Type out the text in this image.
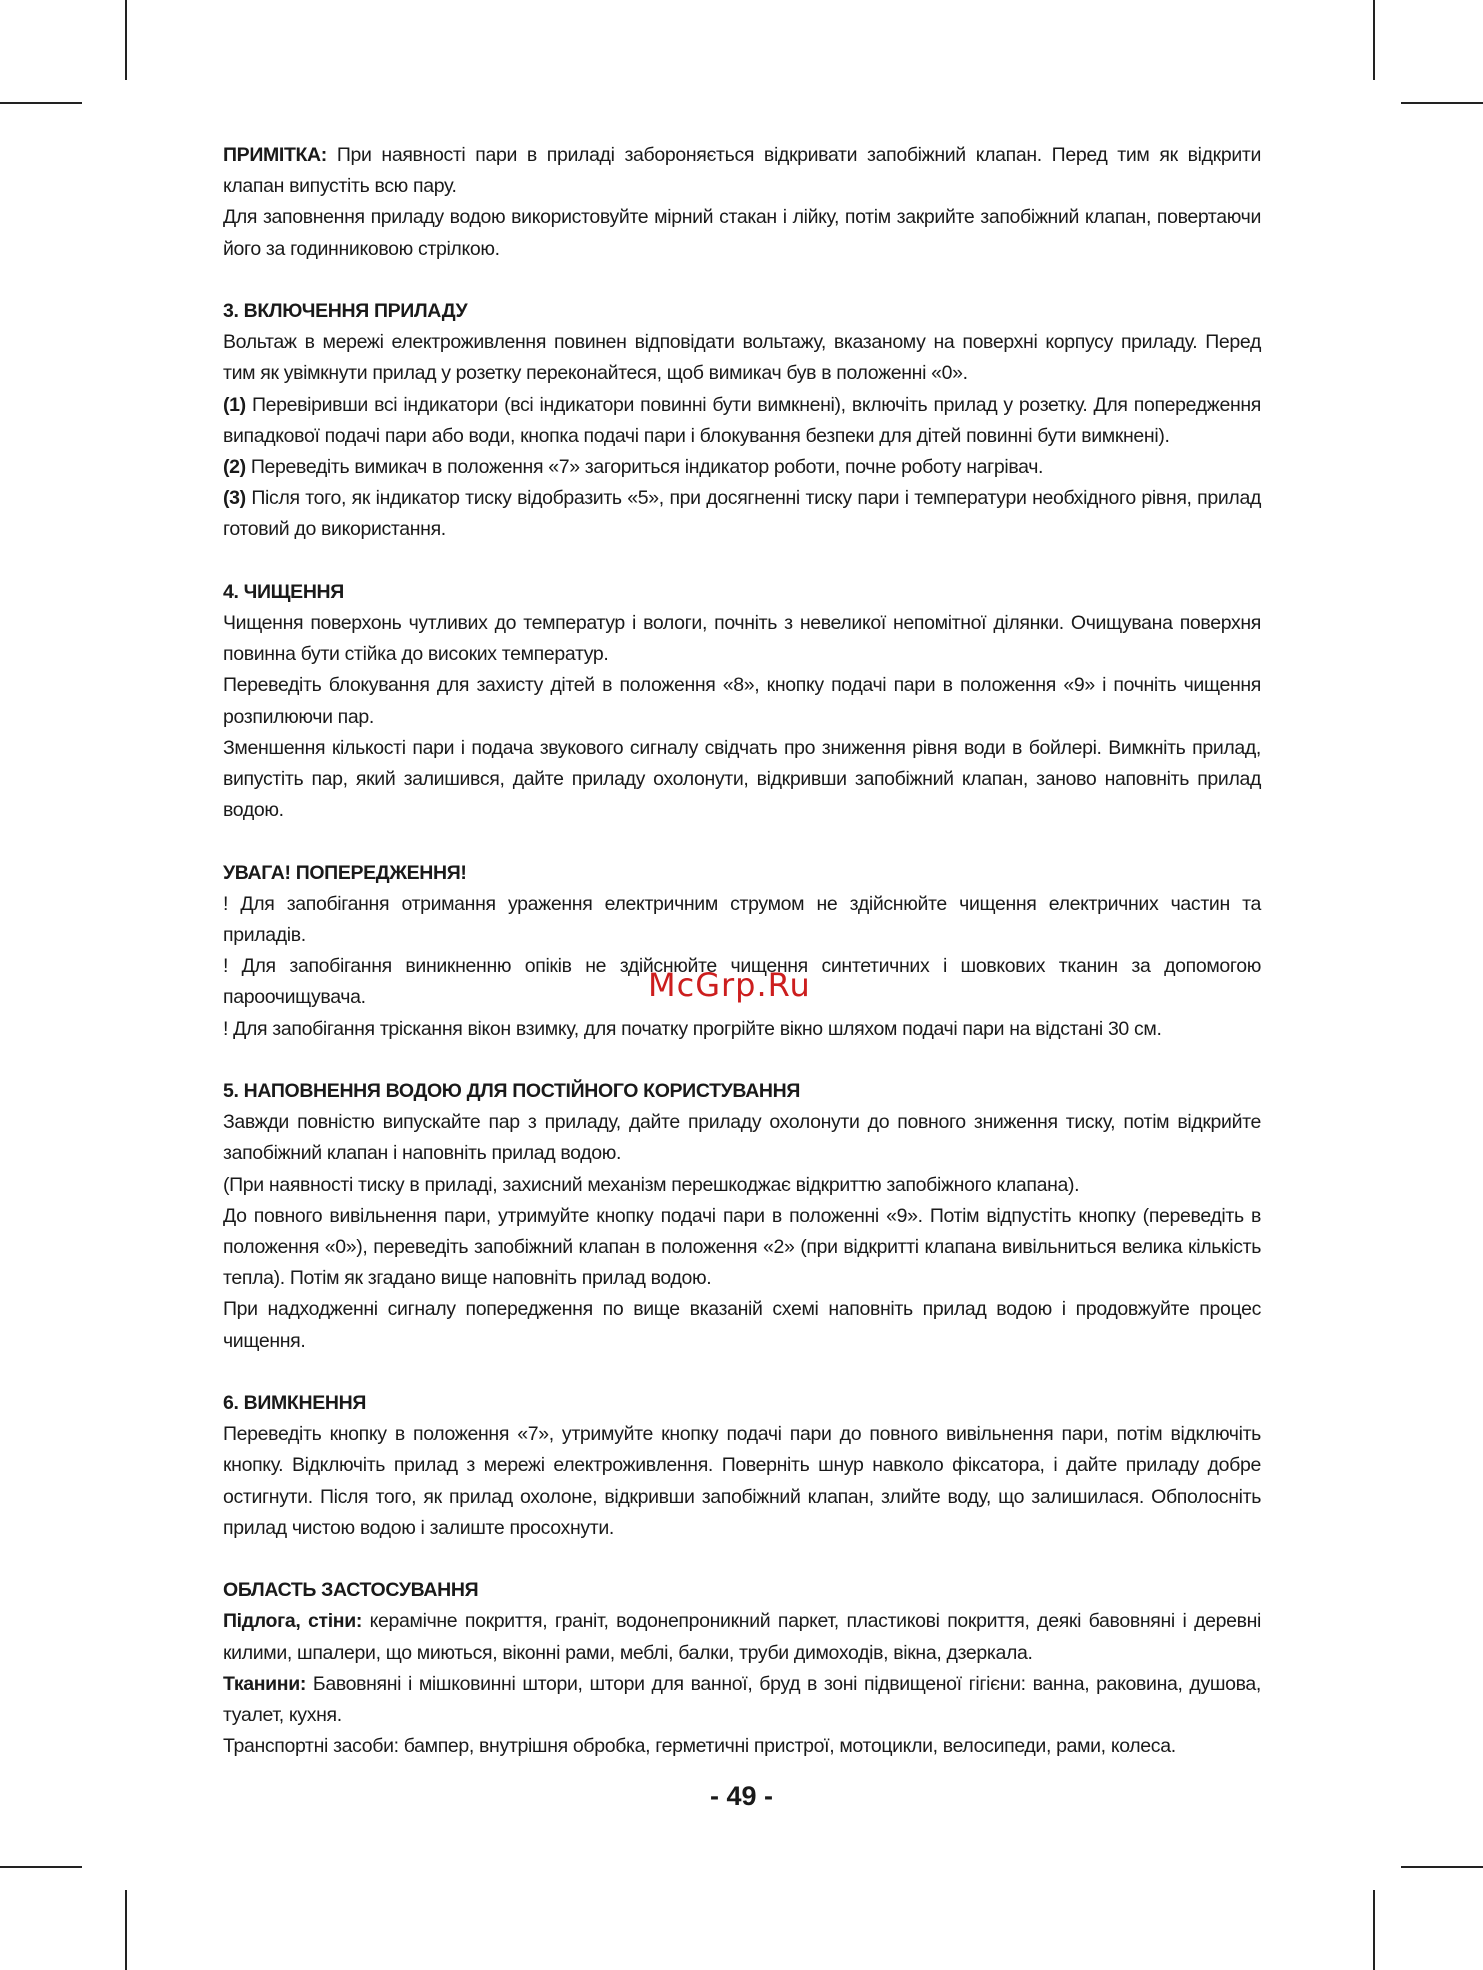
ПРИМІТКА: При наявності пари в приладі забороняється відкривати запобіжний клапан. Перед тим як відкрити клапан випустіть всю пару.

Для заповнення приладу водою використовуйте мірний стакан і лійку, потім закрийте запобіжний клапан, повертаючи його за годинниковою стрілкою.

3. ВКЛЮЧЕННЯ ПРИЛАДУ

Вольтаж в мережі електроживлення повинен відповідати вольтажу, вказаному на поверхні корпусу приладу. Перед тим як увімкнути прилад у розетку переконайтеся, щоб вимикач був в положенні «0».

(1) Перевіривши всі індикатори (всі індикатори повинні бути вимкнені), включіть прилад у розетку. Для попередження випадкової подачі пари або води, кнопка подачі пари і блокування безпеки для дітей повинні бути вимкнені).

(2) Переведіть вимикач в положення «7» загориться індикатор роботи, почне роботу нагрівач.

(3) Після того, як індикатор тиску відобразить «5», при досягненні тиску пари і температури необхідного рівня, прилад готовий до використання.

4. ЧИЩЕННЯ

Чищення поверхонь чутливих до температур і вологи, почніть з невеликої непомітної ділянки. Очищувана поверхня повинна бути стійка до високих температур.

Переведіть блокування для захисту дітей в положення «8», кнопку подачі пари в положення «9» і почніть чищення розпилюючи пар.

Зменшення кількості пари і подача звукового сигналу свідчать про зниження рівня води в бойлері. Вимкніть прилад, випустіть пар, який залишився, дайте приладу охолонути, відкривши запобіжний клапан, заново наповніть прилад водою.

УВАГА! ПОПЕРЕДЖЕННЯ!

! Для запобігання отримання ураження електричним струмом не здійснюйте чищення електричних частин та приладів.

! Для запобігання виникненню опіків не здійснюйте чищення синтетичних і шовкових тканин за допомогою пароочищувача.

! Для запобігання тріскання вікон взимку, для початку прогрійте вікно шляхом подачі пари на відстані 30 см.

5. НАПОВНЕННЯ ВОДОЮ ДЛЯ ПОСТІЙНОГО КОРИСТУВАННЯ

Завжди повністю випускайте пар з приладу, дайте приладу охолонути до повного зниження тиску, потім відкрийте запобіжний клапан і наповніть прилад водою.

(При наявності тиску в приладі, захисний механізм перешкоджає відкриттю запобіжного клапана).

До повного вивільнення пари, утримуйте кнопку подачі пари в положенні «9». Потім відпустіть кнопку (переведіть в положення «0»), переведіть запобіжний клапан в положення «2» (при відкритті клапана вивільниться велика кількість тепла). Потім як згадано вище наповніть прилад водою.

При надходженні сигналу попередження по вище вказаній схемі наповніть прилад водою і продовжуйте процес чищення.

6. ВИМКНЕННЯ

Переведіть кнопку в положення «7», утримуйте кнопку подачі пари до повного вивільнення пари, потім відключіть кнопку. Відключіть прилад з мережі електроживлення. Поверніть шнур навколо фіксатора, і дайте приладу добре остигнути. Після того, як прилад охолоне, відкривши запобіжний клапан, злийте воду, що залишилася. Обполосніть прилад чистою водою і залиште просохнути.

ОБЛАСТЬ ЗАСТОСУВАННЯ

Підлога, стіни: керамічне покриття, граніт, водонепроникний паркет, пластикові покриття, деякі бавовняні і деревні килими, шпалери, що миються, віконні рами, меблі, балки, труби димоходів, вікна, дзеркала.

Тканини: Бавовняні і мішковинні штори, штори для ванної, бруд в зоні підвищеної гігієни: ванна, раковина, душова, туалет, кухня.

Транспортні засоби: бампер, внутрішня обробка, герметичні пристрої, мотоцикли, велосипеди, рами, колеса.

McGrp.Ru
- 49 -
